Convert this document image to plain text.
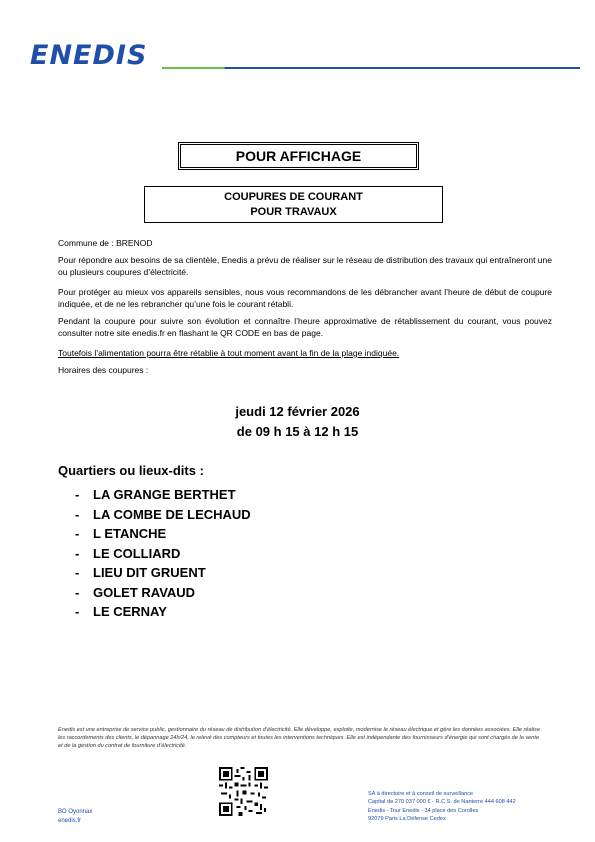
ENEDIS
POUR AFFICHAGE
COUPURES DE COURANT
POUR TRAVAUX
Commune de : BRENOD
Pour répondre aux besoins de sa clientèle, Enedis a prévu de réaliser sur le réseau de distribution des travaux qui entraîneront une ou plusieurs coupures d’électricité.
Pour protéger au mieux vos appareils sensibles, nous vous recommandons de les débrancher avant l’heure de début de coupure indiquée, et de ne les rebrancher qu’une fois le courant rétabli.
Pendant la coupure pour suivre son évolution et connaître l’heure approximative de rétablissement du courant, vous pouvez consulter notre site enedis.fr en flashant le QR CODE en bas de page.
Toutefois l’alimentation pourra être rétablie à tout moment avant la fin de la plage indiquée.
Horaires des coupures :
jeudi 12 février 2026
de 09 h 15 à 12 h 15
Quartiers ou lieux-dits :
- LA GRANGE BERTHET
- LA COMBE DE LECHAUD
- L ETANCHE
- LE COLLIARD
- LIEU DIT GRUENT
- GOLET RAVAUD
- LE CERNAY
Enedis est une entreprise de service public, gestionnaire du réseau de distribution d’électricité. Elle développe, exploite, modernise le réseau électrique et gère les données associées. Elle réalise les raccordements des clients, le dépannage 24h/24, le relevé des compteurs et toutes les interventions techniques. Elle est indépendante des fournisseurs d’énergie qui sont chargés de la vente et de la gestion du contrat de fourniture d’électricité.
BO Oyonnax
enedis.fr
SA à directoire et à conseil de surveillance
Capital de 270 037 000 € - R.C.S. de Nanterre 444 608 442
Enedis - Tour Enedis - 34 place des Corolles
92079 Paris La Défense Cedex
